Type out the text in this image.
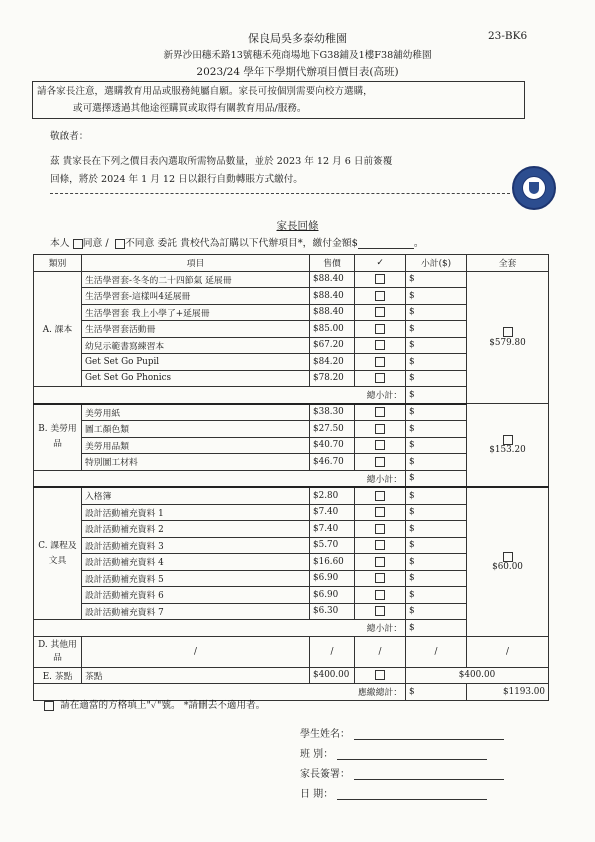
保良局吳多泰幼稚園	23-BK6
新界沙田穗禾路13號穗禾苑商場地下G38鋪及1樓F38舖幼稚園
2023/24 學年下學期代辦項目價目表(高班)
請各家長注意，選購教育用品或服務純屬自願。家長可按個別需要向校方選購，
或可選擇透過其他途徑購買或取得有關教育用品/服務。
敬啟者：
茲 貴家長在下列之價目表內選取所需物品數量，並於 2023 年 12 月 6 日前簽覆
回條，將於 2024 年 1 月 12 日以銀行自動轉賬方式繳付。
家長回條
本人 同意 / 不同意 委託 貴校代為訂購以下代辦項目*，繳付金額$	。
類別	項目	售價	✓	小計($)	全套
A. 課本	生活學習套-冬冬的二十四節氣 延展冊	$88.40		$	$579.80
	生活學習套-這樣叫4延展冊	$88.40		$	
	生活學習套 我上小學了+延展冊	$88.40		$	
	生活學習套活動冊	$85.00		$	
	幼兒示範書寫練習本	$67.20		$	
	Get Set Go Pupil	$84.20		$	
	Get Set Go Phonics	$78.20		$	
總小計：				$	
B. 美勞用品	美勞用紙	$38.30		$	$153.20
	圖工顏色類	$27.50		$	
	美勞用品類	$40.70		$	
	特別圖工材料	$46.70		$	
總小計：				$	
C. 課程及文具	入格簿	$2.80		$	$60.00
	設計活動補充資料 1	$7.40		$	
	設計活動補充資料 2	$7.40		$	
	設計活動補充資料 3	$5.70		$	
	設計活動補充資料 4	$16.60		$	
	設計活動補充資料 5	$6.90		$	
	設計活動補充資料 6	$6.90		$	
	設計活動補充資料 7	$6.30		$	
總小計：				$	
D. 其他用品	/	/	/	/	/
E. 茶點	茶點	$400.00		$400.00	
應繳總計：				$	$1193.00
請在適當的方格填上"✓"號。 *請刪去不適用者。
學生姓名：
班 別：
家長簽署：
日 期：
